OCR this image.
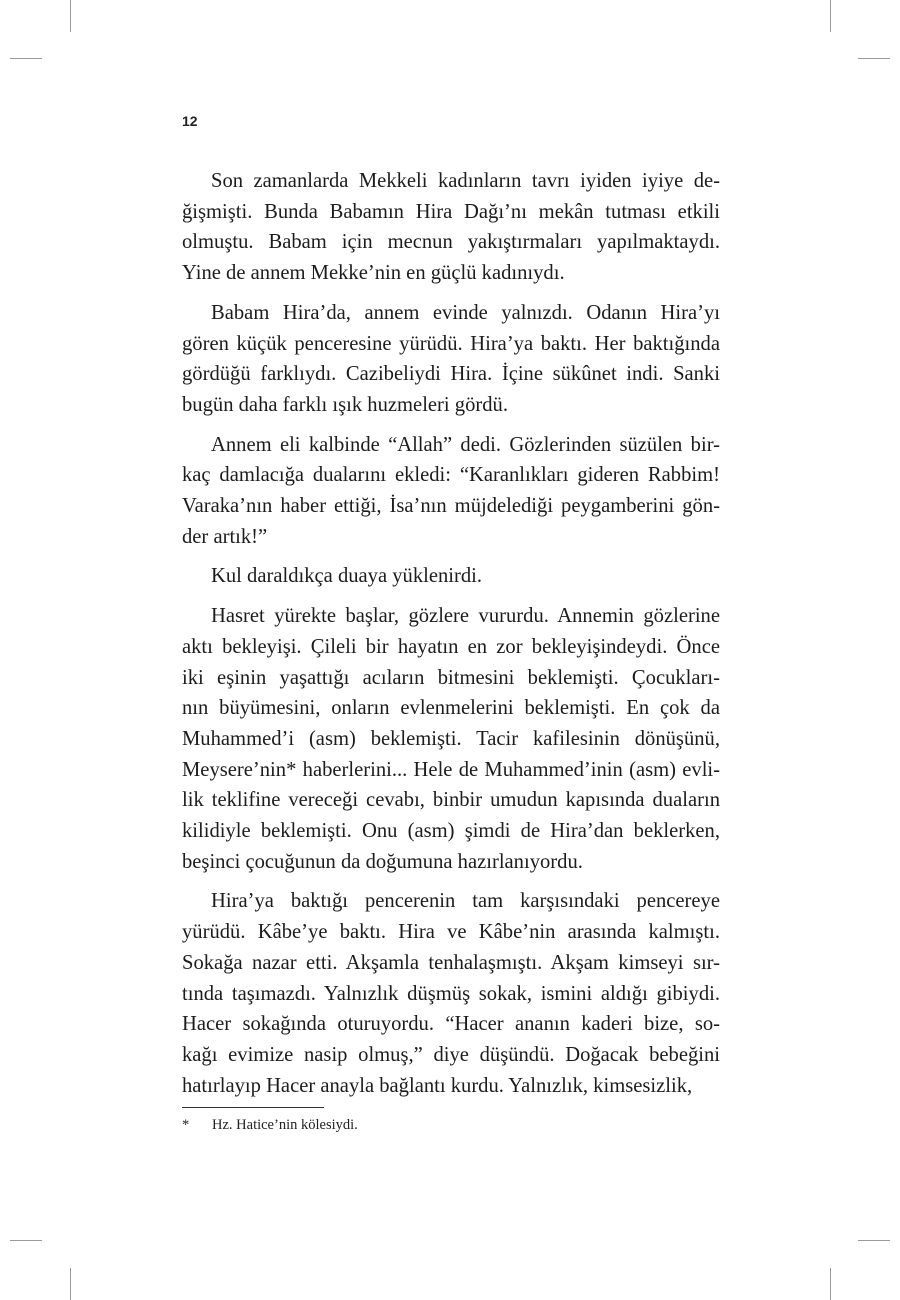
12

Son zamanlarda Mekkeli kadınların tavrı iyiden iyiye de-
ğişmişti. Bunda Babamın Hira Dağı’nı mekân tutması etkili
olmuştu. Babam için mecnun yakıştırmaları yapılmaktaydı.
Yine de annem Mekke’nin en güçlü kadınıydı.

Babam Hira’da, annem evinde yalnızdı. Odanın Hira’yı
gören küçük penceresine yürüdü. Hira’ya baktı. Her baktığında
gördüğü farklıydı. Cazibeliydi Hira. İçine sükûnet indi. Sanki
bugün daha farklı ışık huzmeleri gördü.

Annem eli kalbinde “Allah” dedi. Gözlerinden süzülen bir-
kaç damlacığa dualarını ekledi: “Karanlıkları gideren Rabbim!
Varaka’nın haber ettiği, İsa’nın müjdelediği peygamberini gön-
der artık!”

Kul daraldıkça duaya yüklenirdi.

Hasret yürekte başlar, gözlere vururdu. Annemin gözlerine
aktı bekleyişi. Çileli bir hayatın en zor bekleyişindeydi. Önce
iki eşinin yaşattığı acıların bitmesini beklemişti. Çocukları-
nın büyümesini, onların evlenmelerini beklemişti. En çok da
Muhammed’i (asm) beklemişti. Tacir kafilesinin dönüşünü,
Meysere’nin* haberlerini... Hele de Muhammed’inin (asm) evli-
lik teklifine vereceği cevabı, binbir umudun kapısında duaların
kilidiyle beklemişti. Onu (asm) şimdi de Hira’dan beklerken,
beşinci çocuğunun da doğumuna hazırlanıyordu.

Hira’ya baktığı pencerenin tam karşısındaki pencereye
yürüdü. Kâbe’ye baktı. Hira ve Kâbe’nin arasında kalmıştı.
Sokağa nazar etti. Akşamla tenhalaşmıştı. Akşam kimseyi sır-
tında taşımazdı. Yalnızlık düşmüş sokak, ismini aldığı gibiydi.
Hacer sokağında oturuyordu. “Hacer ananın kaderi bize, so-
kağı evimize nasip olmuş,” diye düşündü. Doğacak bebeğini
hatırlayıp Hacer anayla bağlantı kurdu. Yalnızlık, kimsesizlik,

* Hz. Hatice’nin kölesiydi.
